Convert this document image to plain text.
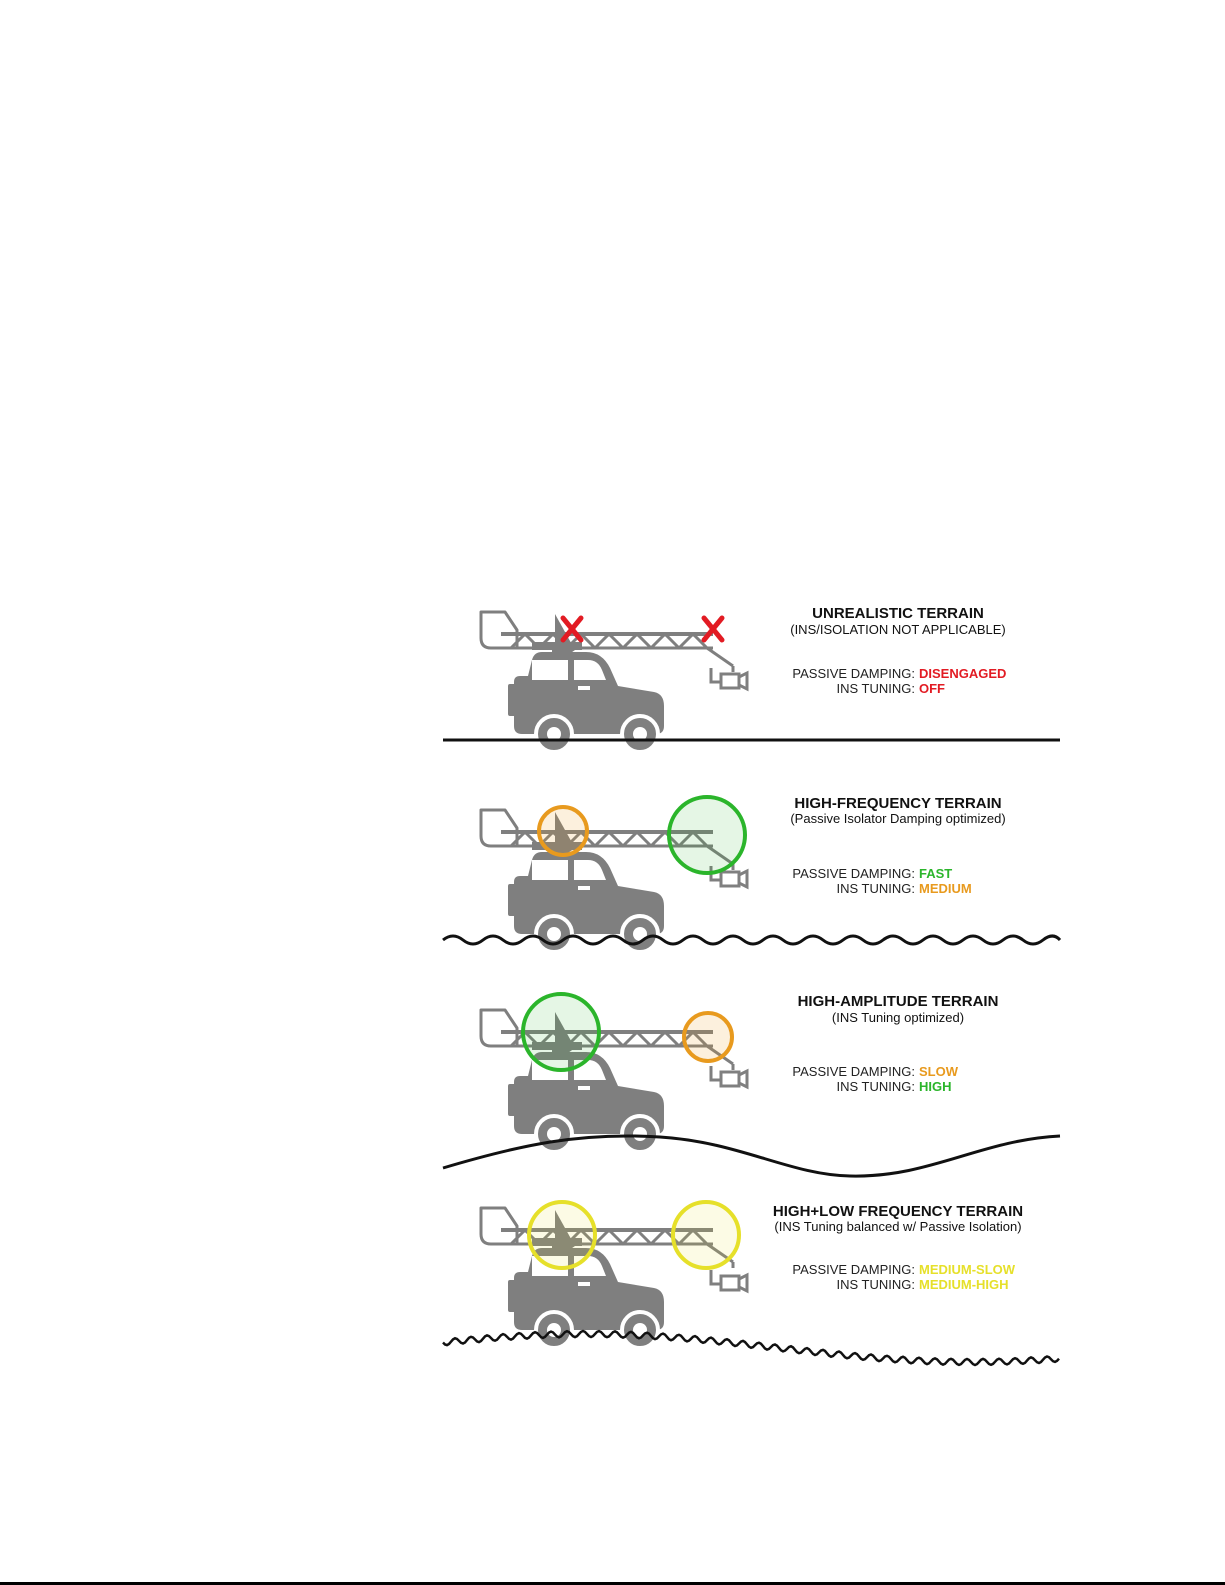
UNREALISTIC TERRAIN
(INS/ISOLATION NOT APPLICABLE)
PASSIVE DAMPING: DISENGAGED
INS TUNING: OFF
HIGH-FREQUENCY TERRAIN
(Passive Isolator Damping optimized)
PASSIVE DAMPING: FAST
INS TUNING: MEDIUM
HIGH-AMPLITUDE TERRAIN
(INS Tuning optimized)
PASSIVE DAMPING: SLOW
INS TUNING: HIGH
HIGH+LOW FREQUENCY TERRAIN
(INS Tuning balanced w/ Passive Isolation)
PASSIVE DAMPING: MEDIUM-SLOW
INS TUNING: MEDIUM-HIGH
